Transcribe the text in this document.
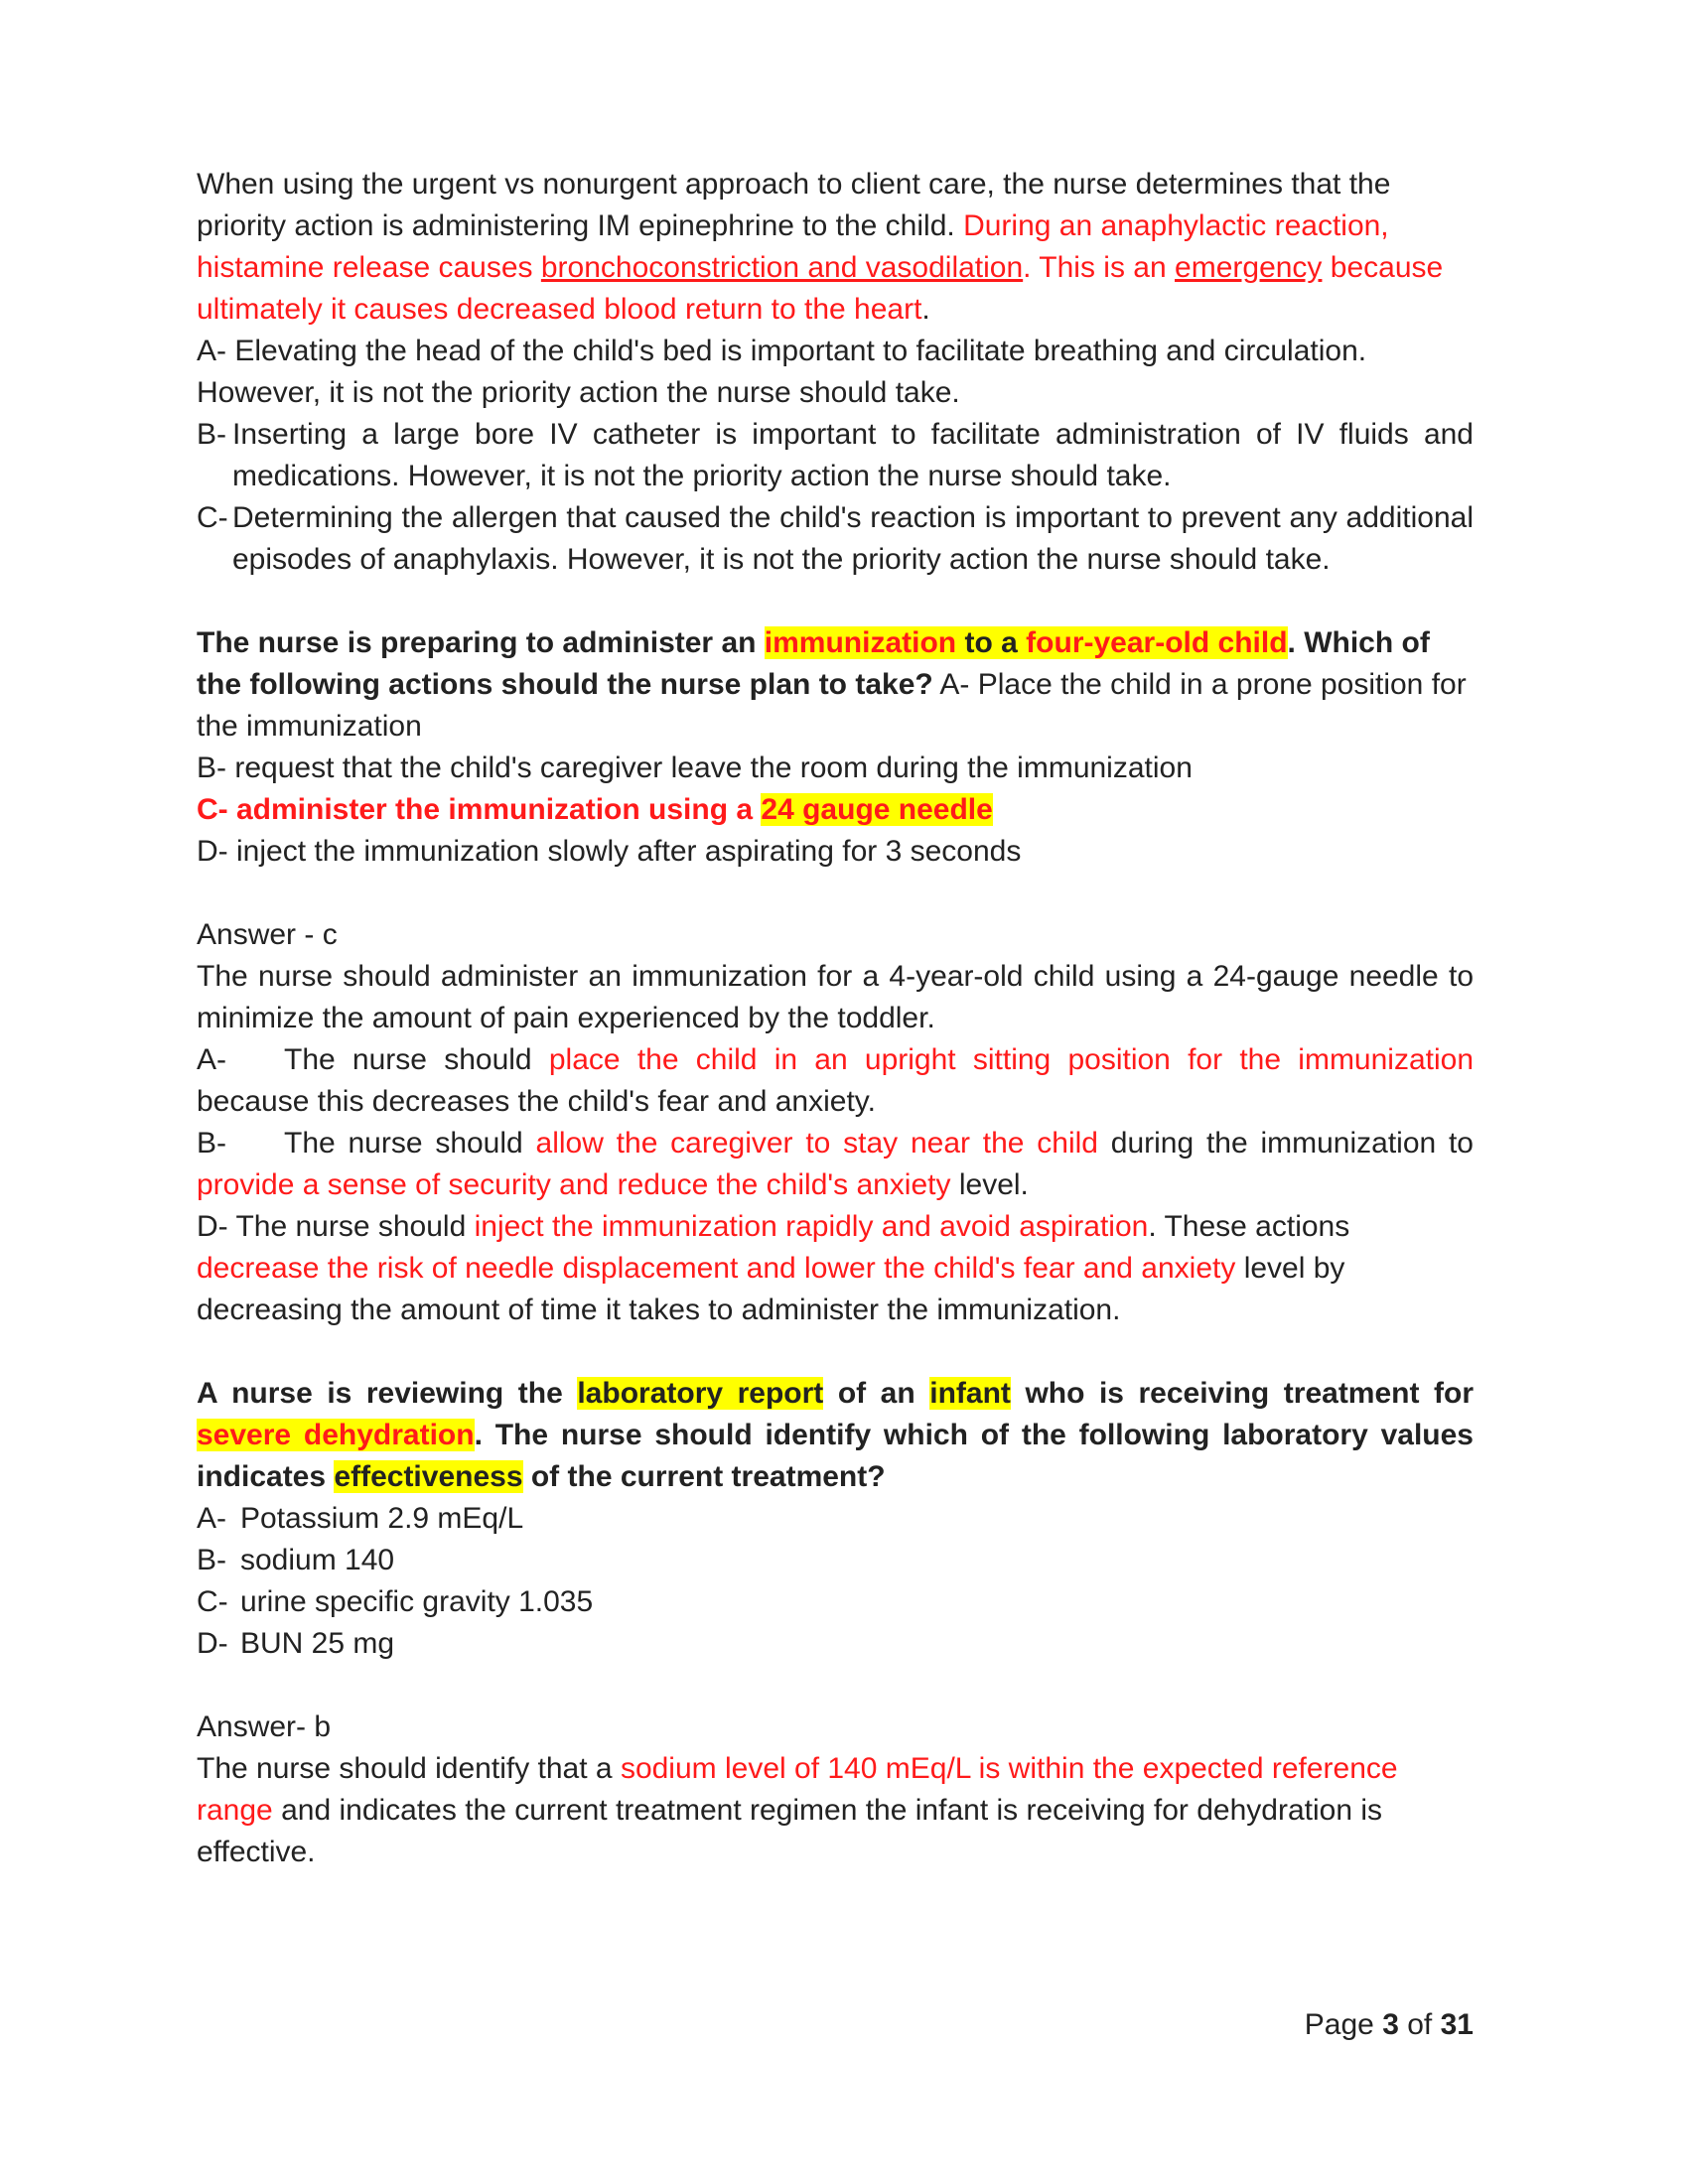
When using the urgent vs nonurgent approach to client care, the nurse determines that the priority action is administering IM epinephrine to the child. During an anaphylactic reaction, histamine release causes bronchoconstriction and vasodilation. This is an emergency because ultimately it causes decreased blood return to the heart.

A- Elevating the head of the child's bed is important to facilitate breathing and circulation. However, it is not the priority action the nurse should take.

B- Inserting a large bore IV catheter is important to facilitate administration of IV fluids and medications. However, it is not the priority action the nurse should take.
C- Determining the allergen that caused the child's reaction is important to prevent any additional episodes of anaphylaxis. However, it is not the priority action the nurse should take.

The nurse is preparing to administer an immunization to a four-year-old child. Which of the following actions should the nurse plan to take? A- Place the child in a prone position for the immunization

B- request that the child's caregiver leave the room during the immunization

C- administer the immunization using a 24 gauge needle

D- inject the immunization slowly after aspirating for 3 seconds

Answer - c

The nurse should administer an immunization for a 4-year-old child using a 24-gauge needle to minimize the amount of pain experienced by the toddler.

A- The nurse should place the child in an upright sitting position for the immunization because this decreases the child's fear and anxiety.

B- The nurse should allow the caregiver to stay near the child during the immunization to provide a sense of security and reduce the child's anxiety level.

D- The nurse should inject the immunization rapidly and avoid aspiration. These actions decrease the risk of needle displacement and lower the child's fear and anxiety level by decreasing the amount of time it takes to administer the immunization.

A nurse is reviewing the laboratory report of an infant who is receiving treatment for severe dehydration. The nurse should identify which of the following laboratory values indicates effectiveness of the current treatment?

A- Potassium 2.9 mEq/L
B- sodium 140
C- urine specific gravity 1.035
D- BUN 25 mg

Answer- b

The nurse should identify that a sodium level of 140 mEq/L is within the expected reference range and indicates the current treatment regimen the infant is receiving for dehydration is effective.

Page 3 of 31
